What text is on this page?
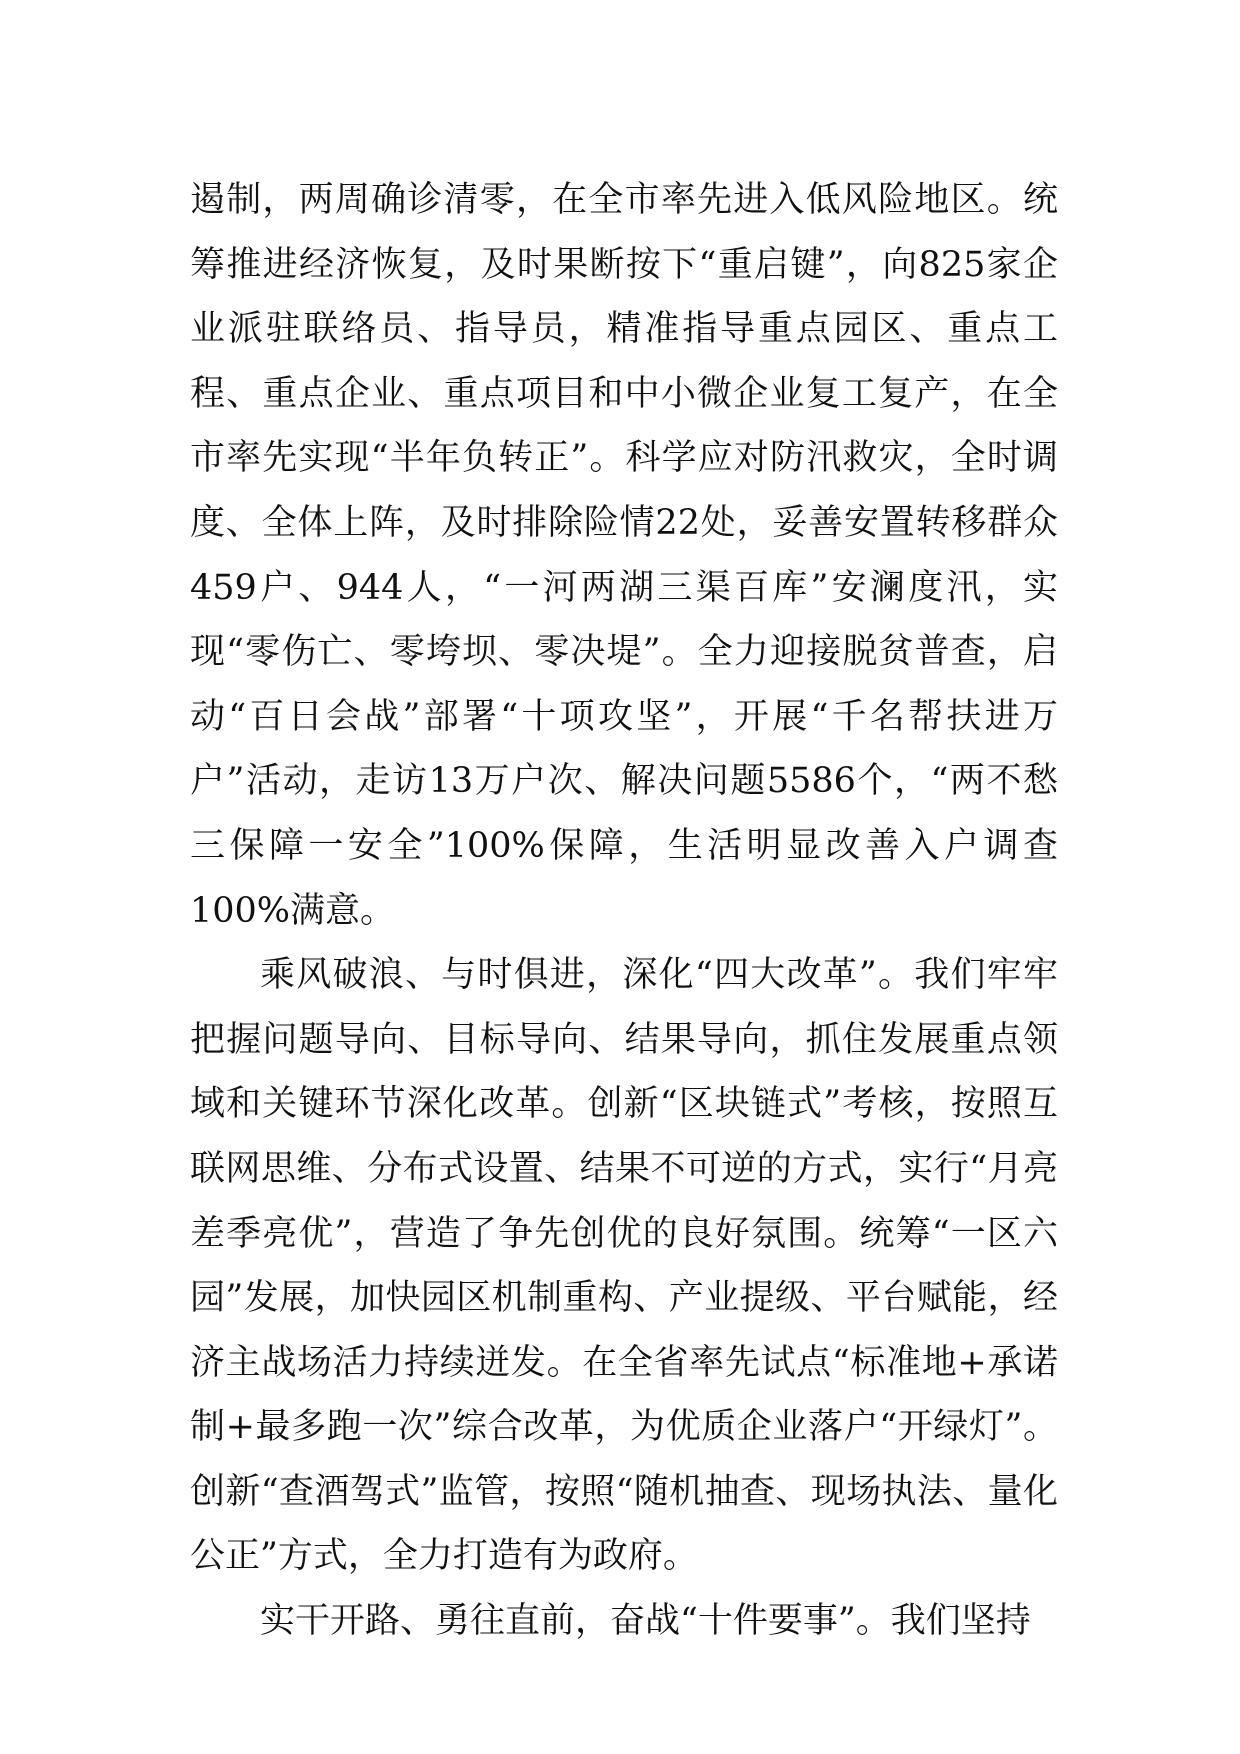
遏制，两周确诊清零，在全市率先进入低风险地区。统筹推进经济恢复，及时果断按下“重启键”，向825家企业派驻联络员、指导员，精准指导重点园区、重点工程、重点企业、重点项目和中小微企业复工复产，在全市率先实现“半年负转正”。科学应对防汛救灾，全时调度、全体上阵，及时排除险情22处，妥善安置转移群众459户、944人，“一河两湖三渠百库”安澜度汛，实现“零伤亡、零垮坝、零决堤”。全力迎接脱贫普查，启动“百日会战”部署“十项攻坚”，开展“千名帮扶进万户”活动，走访13万户次、解决问题5586个，“两不愁三保障一安全”100%保障，生活明显改善入户调查100%满意。

乘风破浪、与时俱进，深化“四大改革”。我们牢牢把握问题导向、目标导向、结果导向，抓住发展重点领域和关键环节深化改革。创新“区块链式”考核，按照互联网思维、分布式设置、结果不可逆的方式，实行“月亮差季亮优”，营造了争先创优的良好氛围。统筹“一区六园”发展，加快园区机制重构、产业提级、平台赋能，经济主战场活力持续迸发。在全省率先试点“标准地+承诺制+最多跑一次”综合改革，为优质企业落户“开绿灯”。创新“查酒驾式”监管，按照“随机抽查、现场执法、量化公正”方式，全力打造有为政府。

实干开路、勇往直前，奋战“十件要事”。我们坚持
